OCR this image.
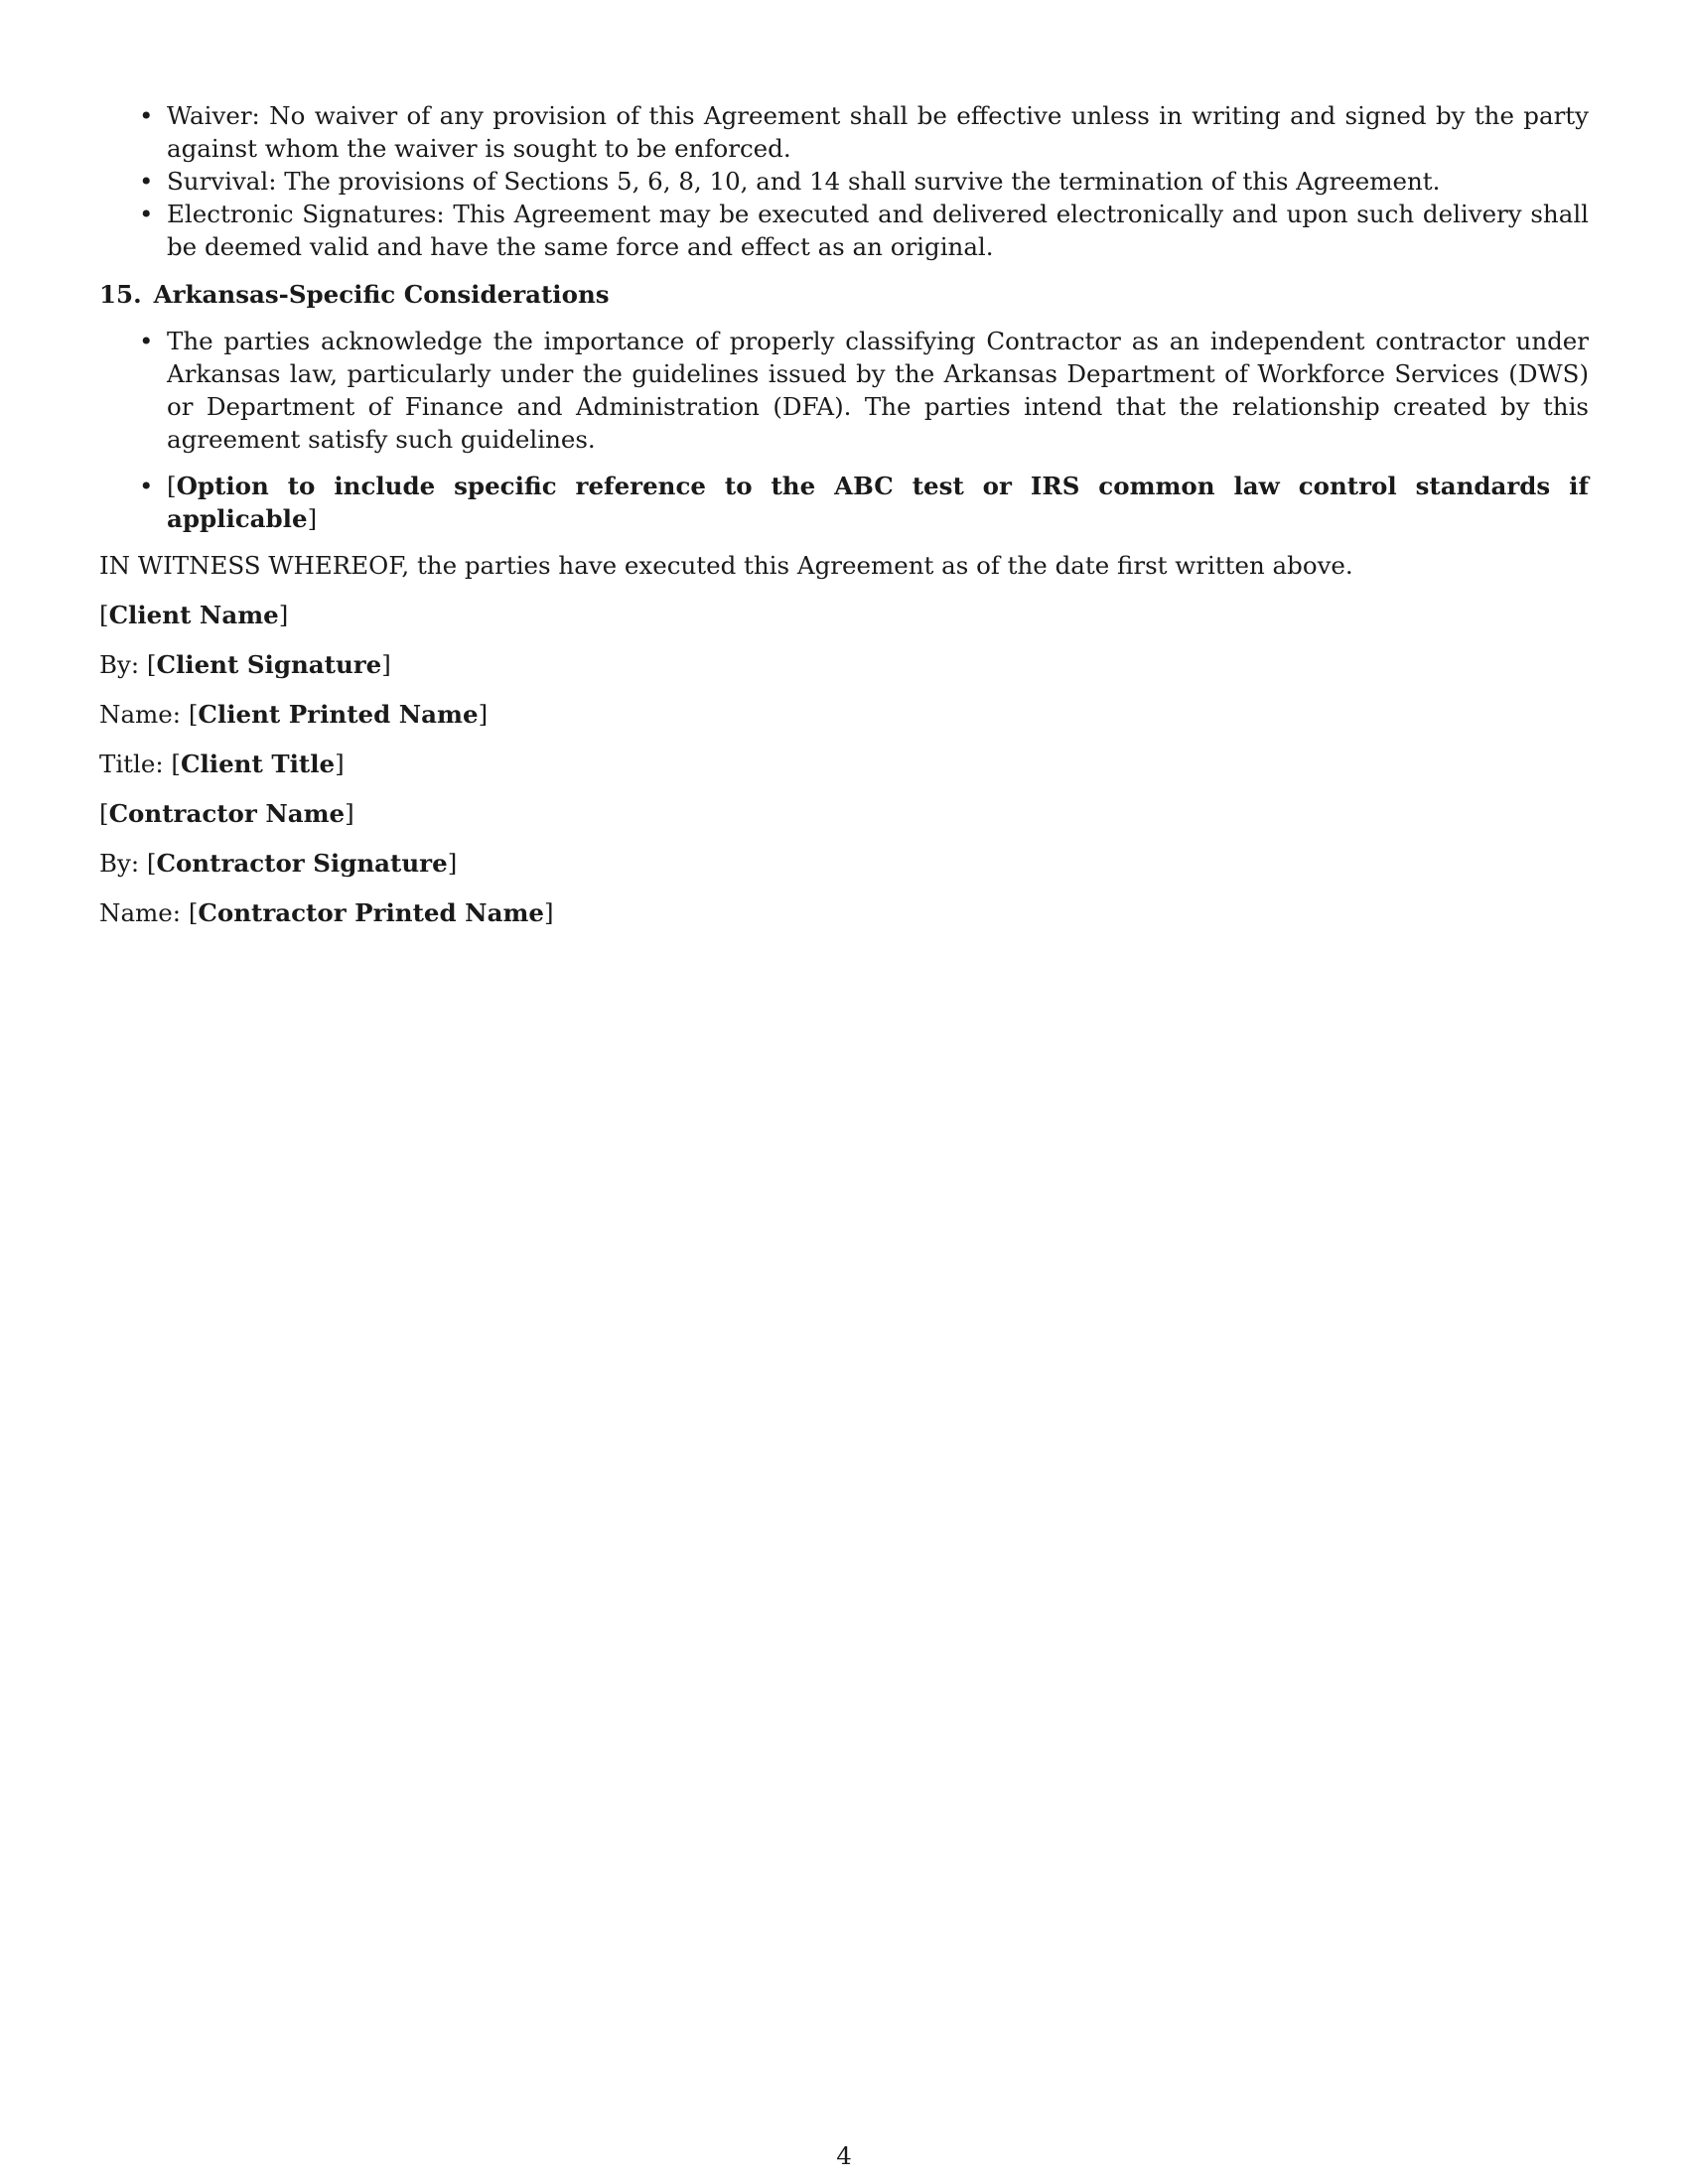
• Waiver: No waiver of any provision of this Agreement shall be effective unless in writing and signed by the party against whom the waiver is sought to be enforced.
• Survival: The provisions of Sections 5, 6, 8, 10, and 14 shall survive the termination of this Agreement.
• Electronic Signatures: This Agreement may be executed and delivered electronically and upon such delivery shall be deemed valid and have the same force and effect as an original.
15. Arkansas-Specific Considerations
• The parties acknowledge the importance of properly classifying Contractor as an independent contractor under Arkansas law, particularly under the guidelines issued by the Arkansas Department of Workforce Services (DWS) or Department of Finance and Administration (DFA). The parties intend that the relationship created by this agreement satisfy such guidelines.
• [Option to include specific reference to the ABC test or IRS common law control standards if applicable]

IN WITNESS WHEREOF, the parties have executed this Agreement as of the date first written above.

[Client Name]

By: [Client Signature]

Name: [Client Printed Name]

Title: [Client Title]

[Contractor Name]

By: [Contractor Signature]

Name: [Contractor Printed Name]

4
